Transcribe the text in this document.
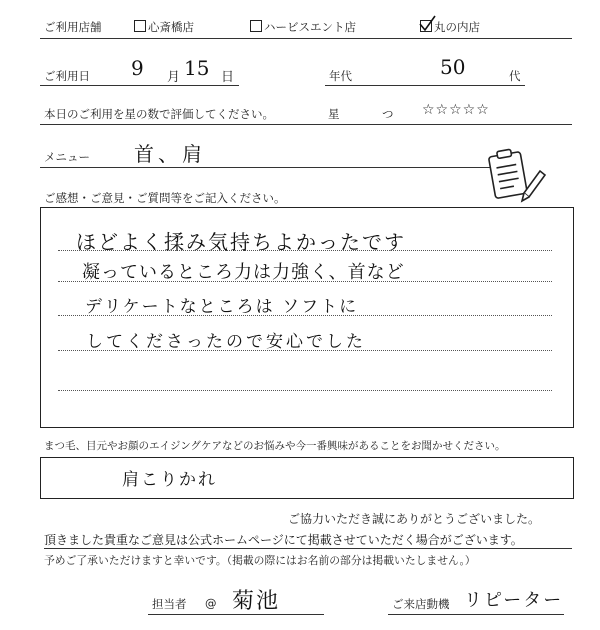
ご利用店舗	心斎橋店	ハービスエント店	丸の内店
ご利用日 9 月 15 日	年代	50	代
本日のご利用を星の数で評価してください。	星	つ ☆☆☆☆☆
メニュー 首、肩
ご感想・ご意見・ご質問等をご記入ください。
ほどよく揉み気持ちよかったです
凝っているところ力は力強く、首など
デリケートなところは ソフトに
してくださったので安心でした
まつ毛、目元やお顔のエイジングケアなどのお悩みや今一番興味があることをお聞かせください。
肩こりかれ
ご協力いただき誠にありがとうございました。
頂きました貴重なご意見は公式ホームページにて掲載させていただく場合がございます。
予めご了承いただけますと幸いです。（掲載の際にはお名前の部分は掲載いたしません。）
担当者 @ 菊池	ご来店動機 リピーター
